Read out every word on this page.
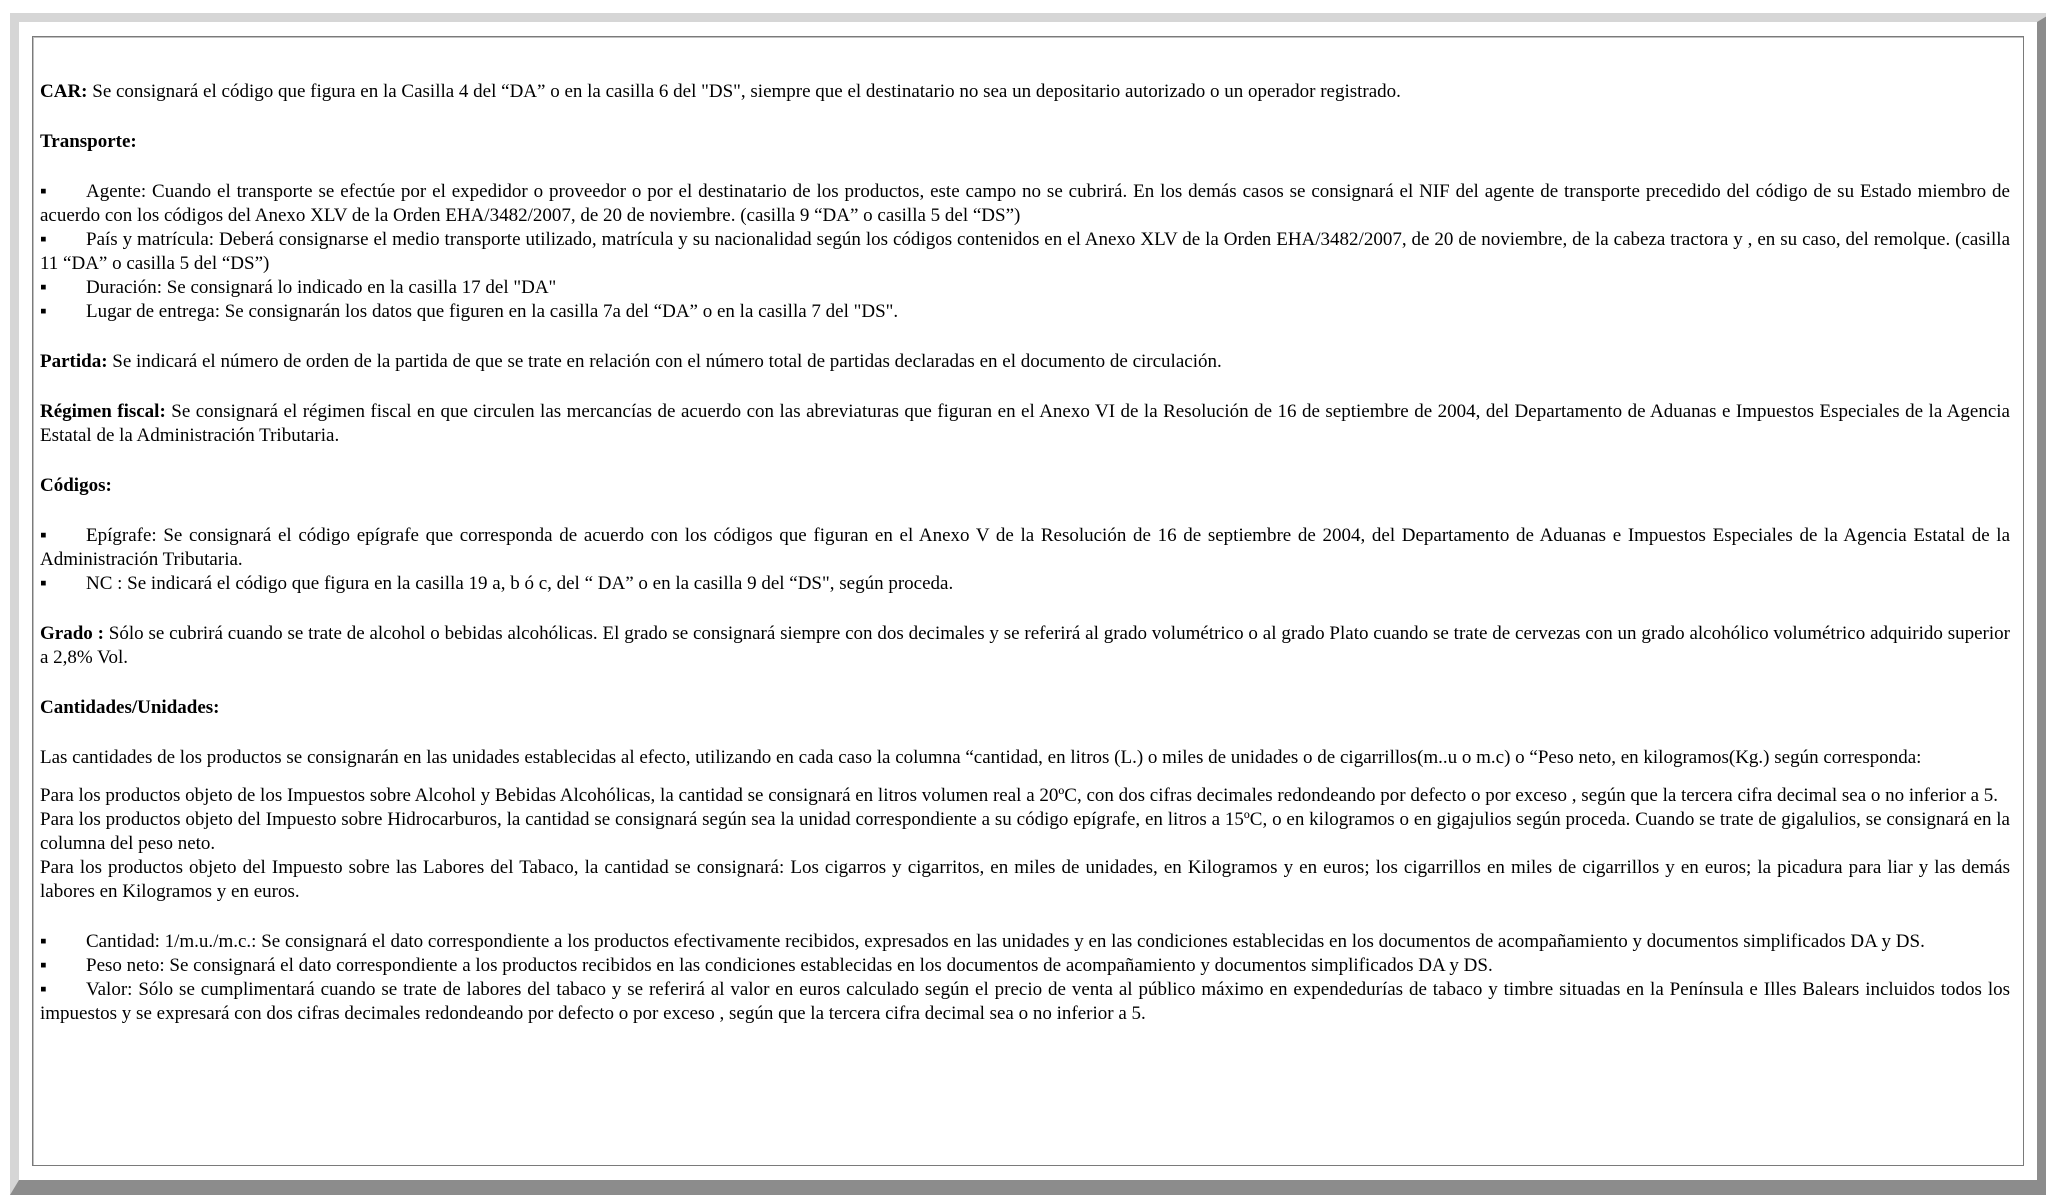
CAR: Se consignará el código que figura en la Casilla 4 del “DA” o en la casilla 6 del "DS", siempre que el destinatario no sea un depositario autorizado o un operador registrado.

Transporte:

▪ Agente: Cuando el transporte se efectúe por el expedidor o proveedor o por el destinatario de los productos, este campo no se cubrirá. En los demás casos se consignará el NIF del agente de transporte precedido del código de su Estado miembro de acuerdo con los códigos del Anexo XLV de la Orden EHA/3482/2007, de 20 de noviembre. (casilla 9 “DA” o casilla 5 del “DS”)
▪ País y matrícula: Deberá consignarse el medio transporte utilizado, matrícula y su nacionalidad según los códigos contenidos en el Anexo XLV de la Orden EHA/3482/2007, de 20 de noviembre, de la cabeza tractora y , en su caso, del remolque. (casilla 11 “DA” o casilla 5 del “DS”)
▪ Duración: Se consignará lo indicado en la casilla 17 del "DA"
▪ Lugar de entrega: Se consignarán los datos que figuren en la casilla 7a del “DA” o en la casilla 7 del "DS".

Partida: Se indicará el número de orden de la partida de que se trate en relación con el número total de partidas declaradas en el documento de circulación.

Régimen fiscal: Se consignará el régimen fiscal en que circulen las mercancías de acuerdo con las abreviaturas que figuran en el Anexo VI de la Resolución de 16 de septiembre de 2004, del Departamento de Aduanas e Impuestos Especiales de la Agencia Estatal de la Administración Tributaria.

Códigos:

▪ Epígrafe: Se consignará el código epígrafe que corresponda de acuerdo con los códigos que figuran en el Anexo V de la Resolución de 16 de septiembre de 2004, del Departamento de Aduanas e Impuestos Especiales de la Agencia Estatal de la Administración Tributaria.
▪ NC : Se indicará el código que figura en la casilla 19 a, b ó c, del “ DA” o en la casilla 9 del “DS", según proceda.

Grado : Sólo se cubrirá cuando se trate de alcohol o bebidas alcohólicas. El grado se consignará siempre con dos decimales y se referirá al grado volumétrico o al grado Plato cuando se trate de cervezas con un grado alcohólico volumétrico adquirido superior a 2,8% Vol.

Cantidades/Unidades:

Las cantidades de los productos se consignarán en las unidades establecidas al efecto, utilizando en cada caso la columna “cantidad, en litros (L.) o miles de unidades o de cigarrillos(m..u o m.c) o “Peso neto, en kilogramos(Kg.) según corresponda:

Para los productos objeto de los Impuestos sobre Alcohol y Bebidas Alcohólicas, la cantidad se consignará en litros volumen real a 20ºC, con dos cifras decimales redondeando por defecto o por exceso , según que la tercera cifra decimal sea o no inferior a 5.

Para los productos objeto del Impuesto sobre Hidrocarburos, la cantidad se consignará según sea la unidad correspondiente a su código epígrafe, en litros a 15ºC, o en kilogramos o en gigajulios según proceda. Cuando se trate de gigalulios, se consignará en la columna del peso neto.

Para los productos objeto del Impuesto sobre las Labores del Tabaco, la cantidad se consignará: Los cigarros y cigarritos, en miles de unidades, en Kilogramos y en euros; los cigarrillos en miles de cigarrillos y en euros; la picadura para liar y las demás labores en Kilogramos y en euros.

▪ Cantidad: 1/m.u./m.c.: Se consignará el dato correspondiente a los productos efectivamente recibidos, expresados en las unidades y en las condiciones establecidas en los documentos de acompañamiento y documentos simplificados DA y DS.
▪ Peso neto: Se consignará el dato correspondiente a los productos recibidos en las condiciones establecidas en los documentos de acompañamiento y documentos simplificados DA y DS.
▪ Valor: Sólo se cumplimentará cuando se trate de labores del tabaco y se referirá al valor en euros calculado según el precio de venta al público máximo en expendedurías de tabaco y timbre situadas en la Península e Illes Balears incluidos todos los impuestos y se expresará con dos cifras decimales redondeando por defecto o por exceso , según que la tercera cifra decimal sea o no inferior a 5.
